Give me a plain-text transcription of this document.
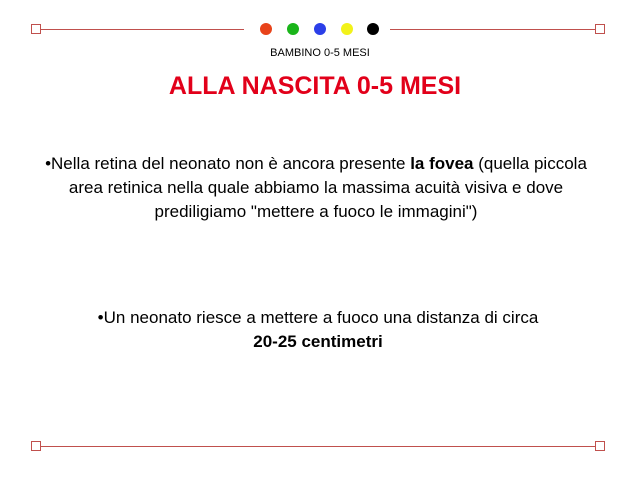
BAMBINO 0-5 MESI
ALLA NASCITA 0-5 MESI
•Nella retina del neonato non è ancora presente la fovea (quella piccola area retinica nella quale abbiamo la massima acuità visiva e dove prediligiamo "mettere a fuoco le immagini")
•Un neonato riesce a mettere a fuoco una distanza di circa
20-25 centimetri
